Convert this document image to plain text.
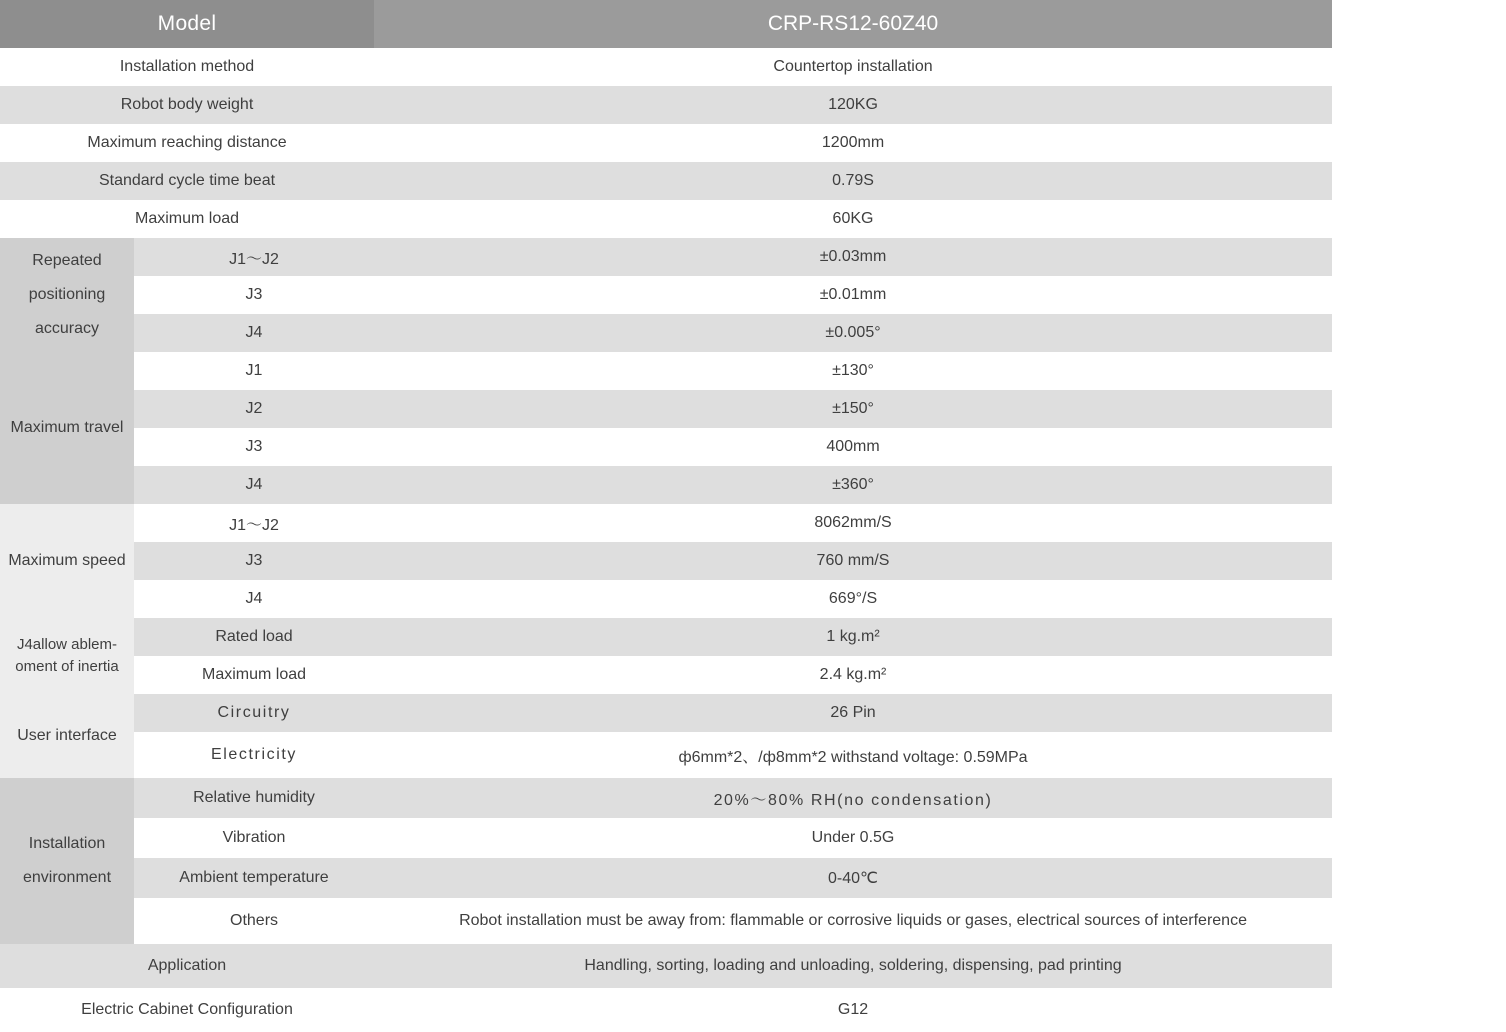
Model		CRP-RS12-60Z40
Installation method		Countertop installation
Robot body weight		120KG
Maximum reaching distance		1200mm
Standard cycle time beat		0.79S
Maximum load		60KG
Repeated positioning accuracy	J1～J2	±0.03mm
	J3	±0.01mm
	J4	±0.005°
Maximum travel	J1	±130°
	J2	±150°
	J3	400mm
	J4	±360°
Maximum speed	J1～J2	8062mm/S
	J3	760 mm/S
	J4	669°/S
J4allow ablem-oment of inertia	Rated load	1 kg.m²
	Maximum load	2.4 kg.m²
User interface	Circuitry	26 Pin
	Electricity	ф6mm*2、/ф8mm*2 withstand voltage: 0.59MPa
Installation environment	Relative humidity	20%～80% RH(no condensation)
	Vibration	Under 0.5G
	Ambient temperature	0-40℃
	Others	Robot installation must be away from: flammable or corrosive liquids or gases, electrical sources of interference
Application		Handling, sorting, loading and unloading, soldering, dispensing, pad printing
Electric Cabinet Configuration		G12
